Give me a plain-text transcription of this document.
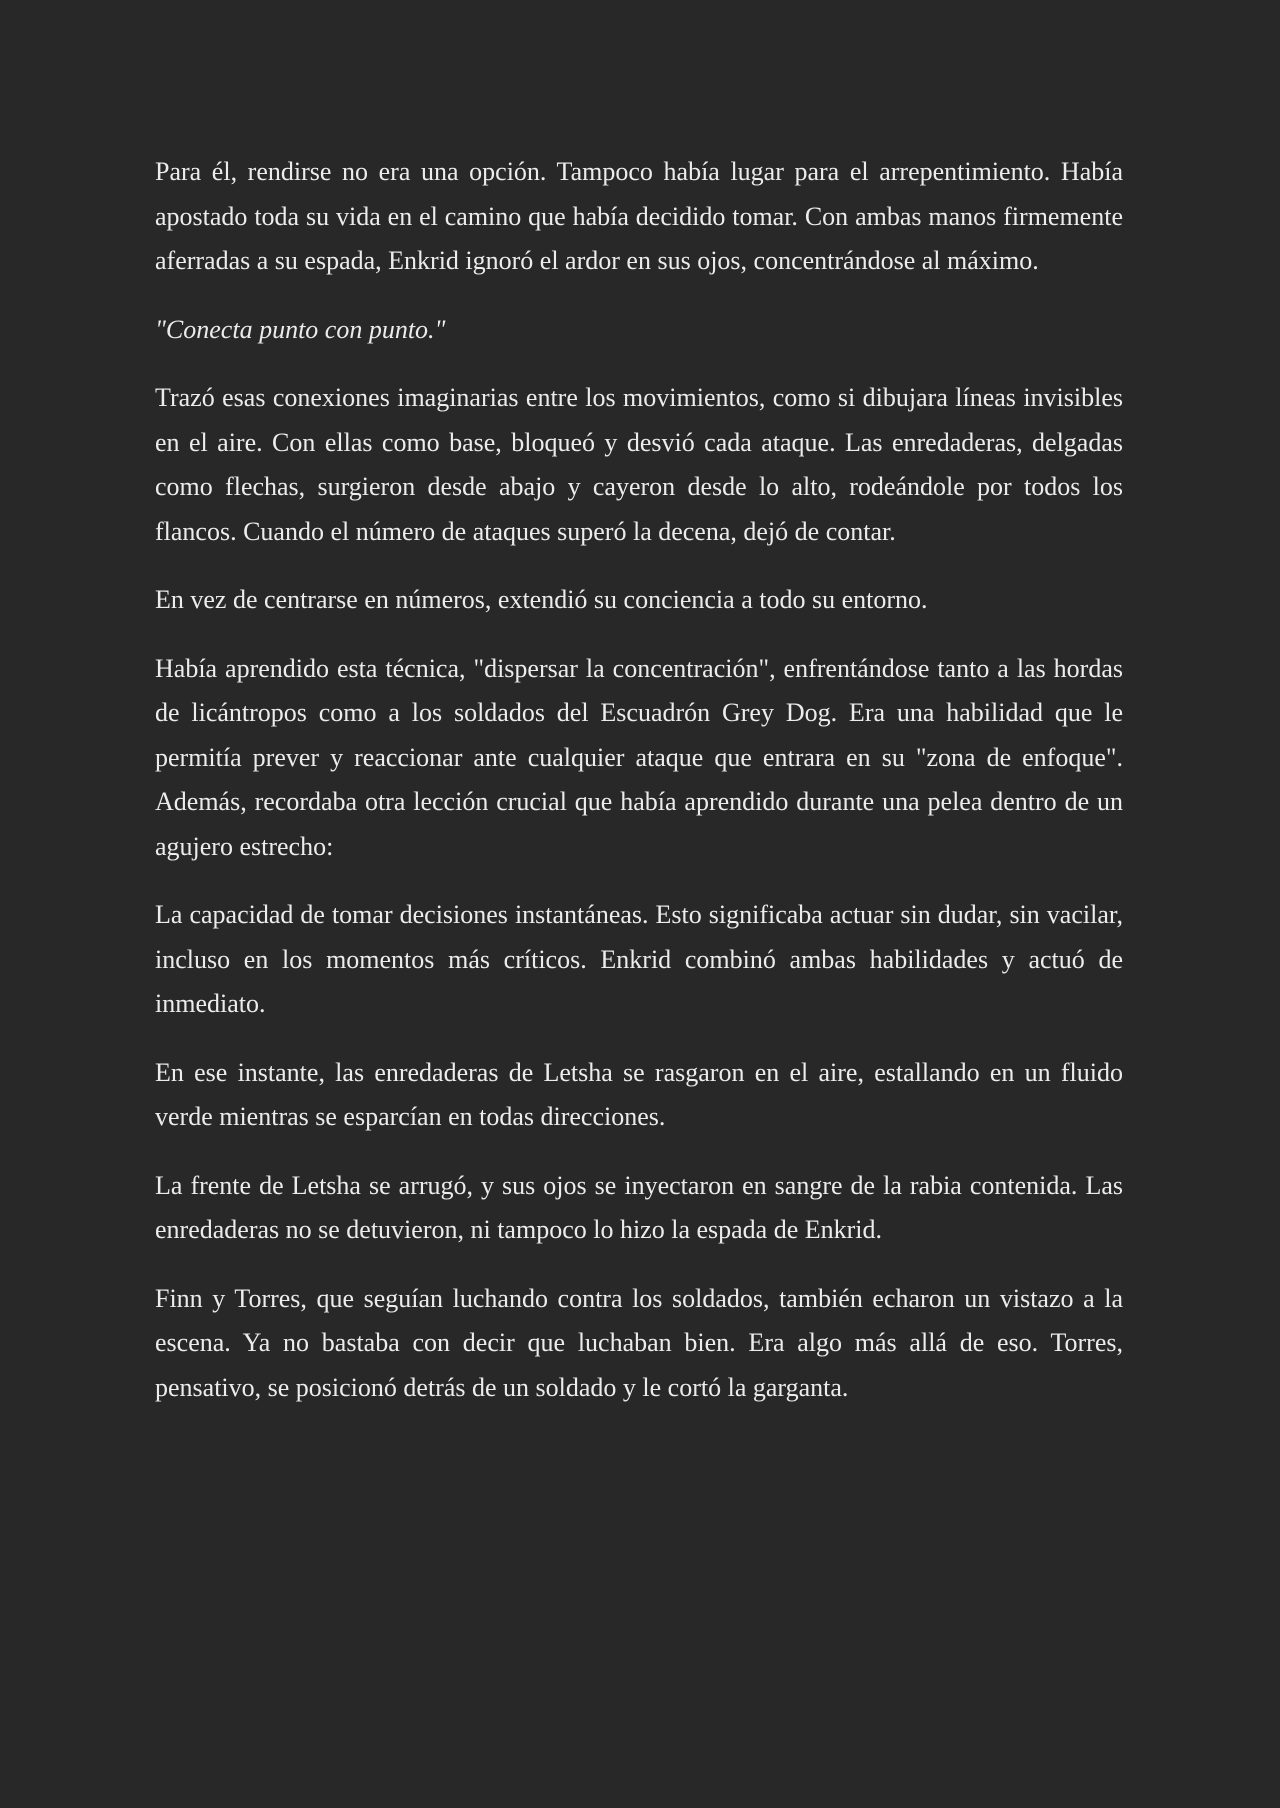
Para él, rendirse no era una opción. Tampoco había lugar para el arrepentimiento. Había apostado toda su vida en el camino que había decidido tomar. Con ambas manos firmemente aferradas a su espada, Enkrid ignoró el ardor en sus ojos, concentrándose al máximo.

"Conecta punto con punto."

Trazó esas conexiones imaginarias entre los movimientos, como si dibujara líneas invisibles en el aire. Con ellas como base, bloqueó y desvió cada ataque. Las enredaderas, delgadas como flechas, surgieron desde abajo y cayeron desde lo alto, rodeándole por todos los flancos. Cuando el número de ataques superó la decena, dejó de contar.

En vez de centrarse en números, extendió su conciencia a todo su entorno.

Había aprendido esta técnica, "dispersar la concentración", enfrentándose tanto a las hordas de licántropos como a los soldados del Escuadrón Grey Dog. Era una habilidad que le permitía prever y reaccionar ante cualquier ataque que entrara en su "zona de enfoque". Además, recordaba otra lección crucial que había aprendido durante una pelea dentro de un agujero estrecho:

La capacidad de tomar decisiones instantáneas. Esto significaba actuar sin dudar, sin vacilar, incluso en los momentos más críticos. Enkrid combinó ambas habilidades y actuó de inmediato.

En ese instante, las enredaderas de Letsha se rasgaron en el aire, estallando en un fluido verde mientras se esparcían en todas direcciones.

La frente de Letsha se arrugó, y sus ojos se inyectaron en sangre de la rabia contenida. Las enredaderas no se detuvieron, ni tampoco lo hizo la espada de Enkrid.

Finn y Torres, que seguían luchando contra los soldados, también echaron un vistazo a la escena. Ya no bastaba con decir que luchaban bien. Era algo más allá de eso. Torres, pensativo, se posicionó detrás de un soldado y le cortó la garganta.
